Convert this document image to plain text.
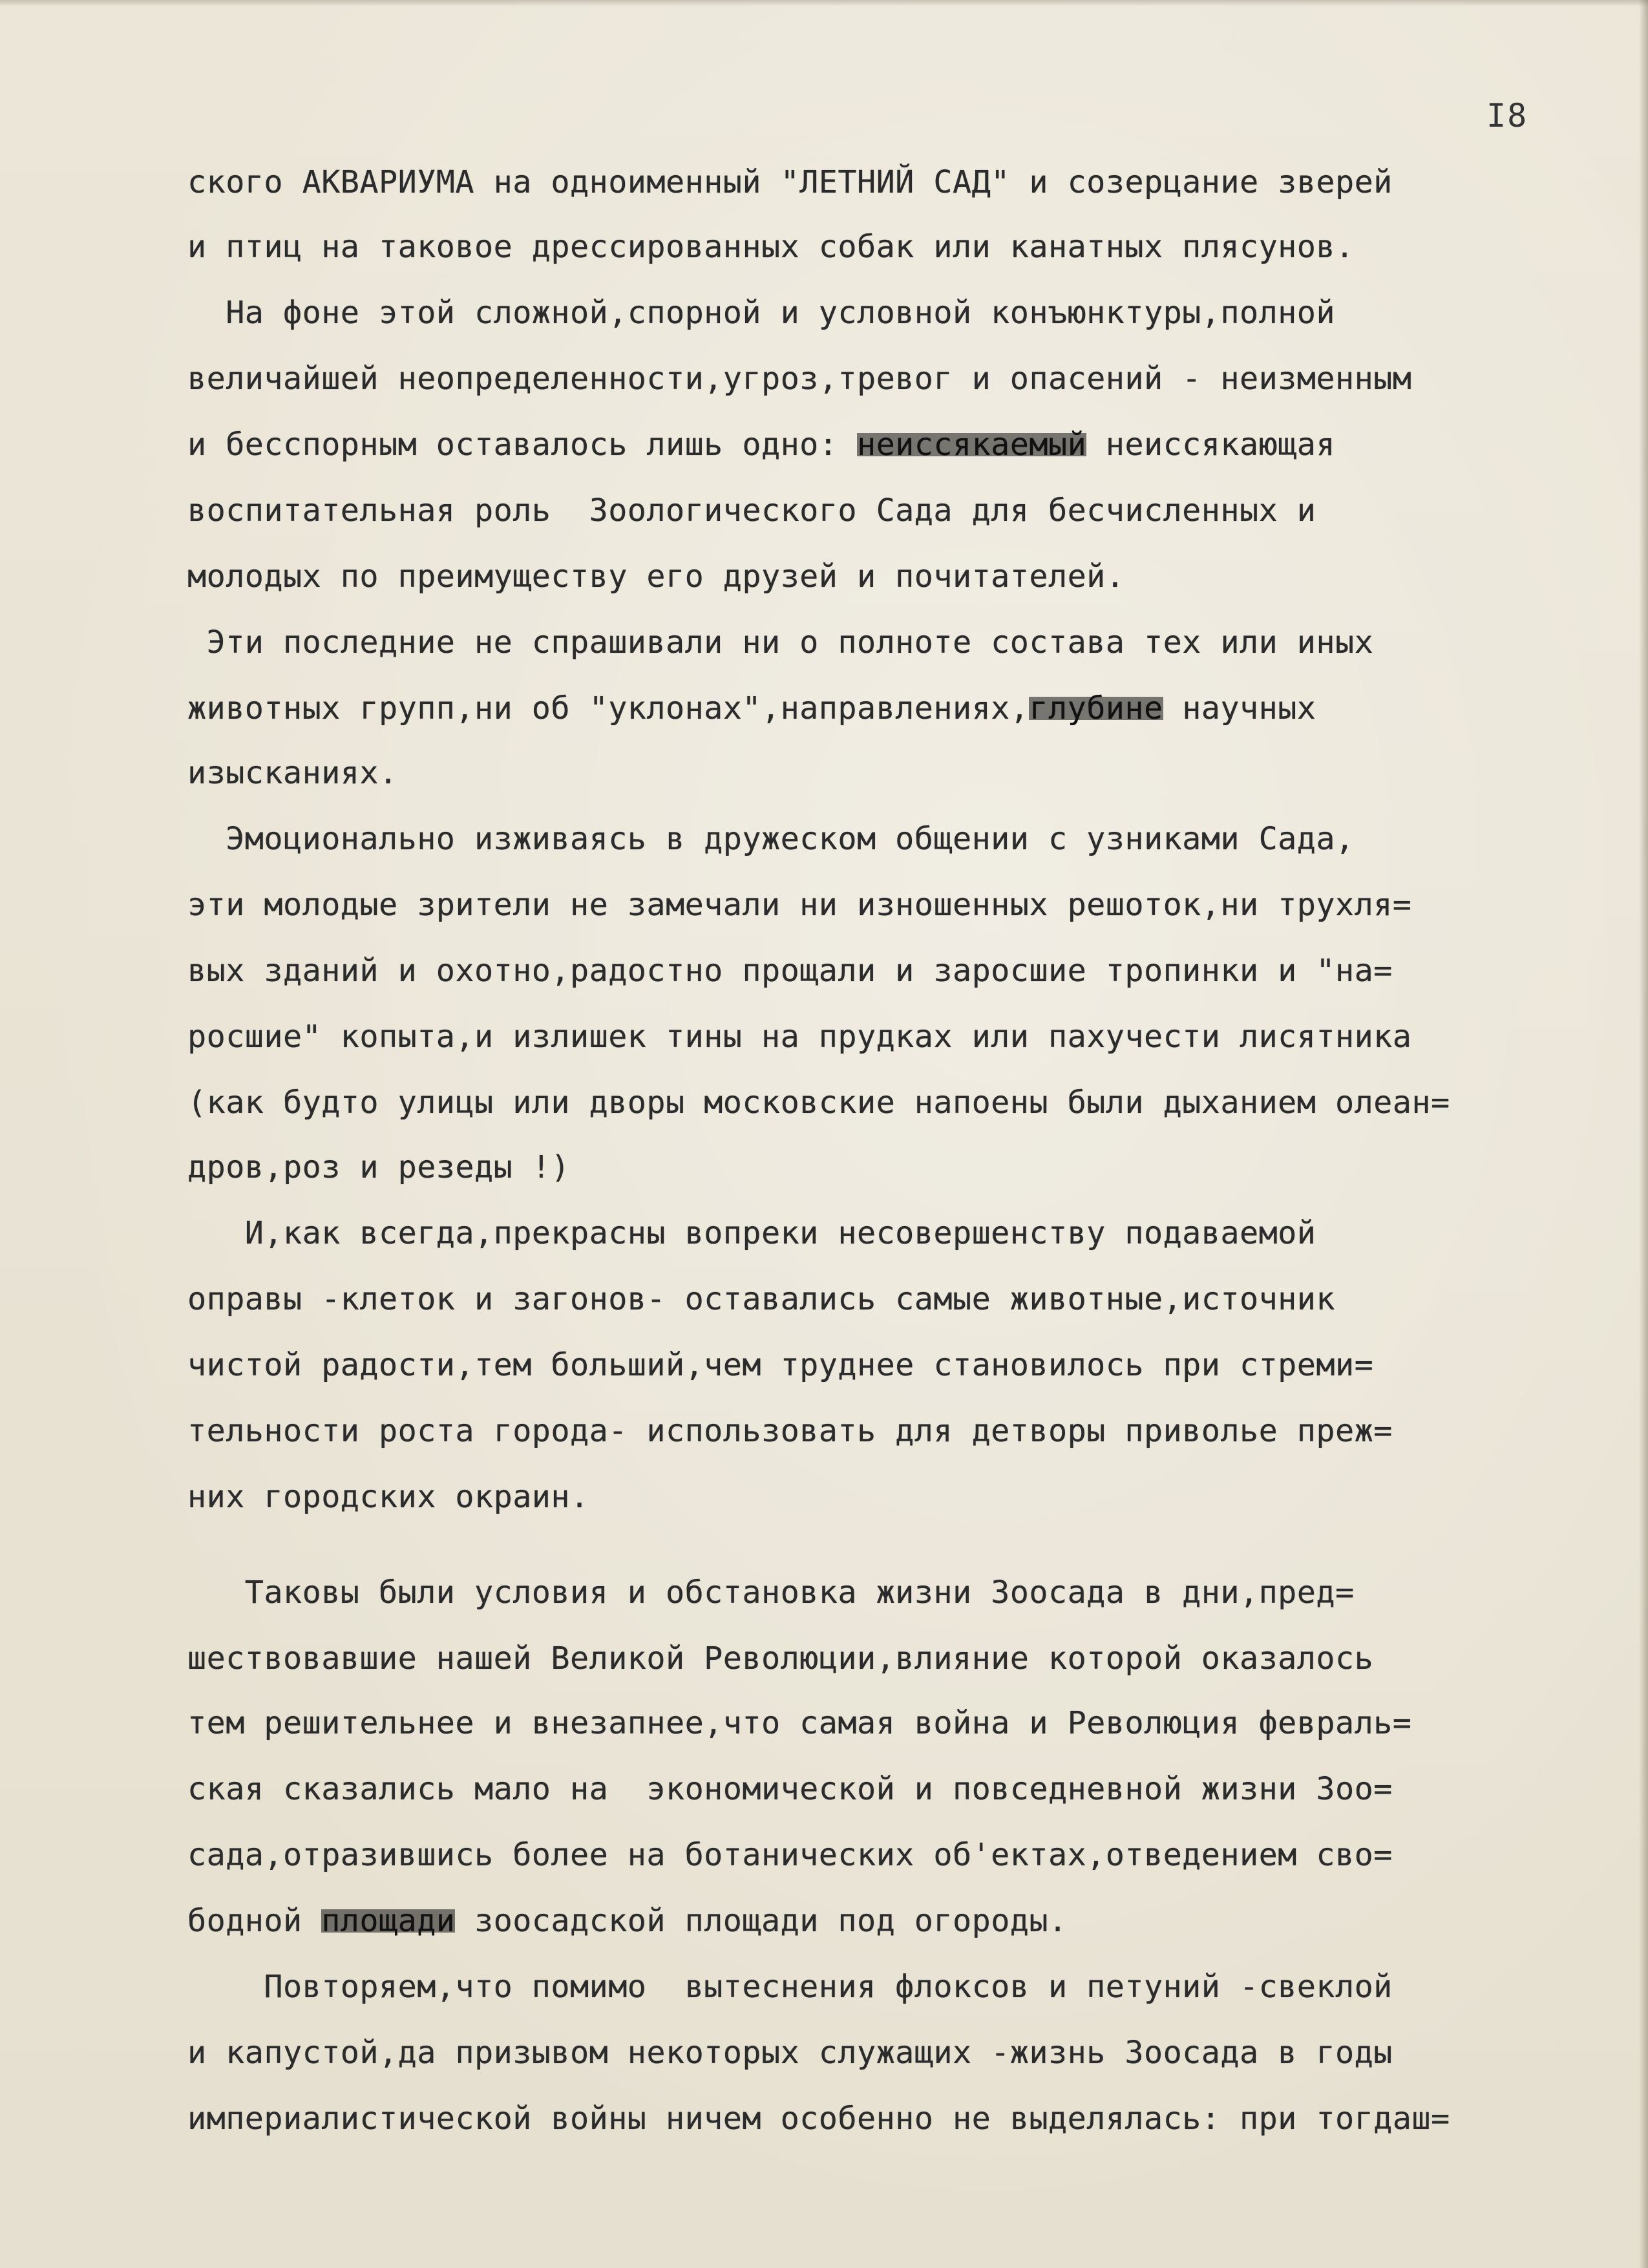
I8
ского АКВАРИУМА на одноименный "ЛЕТНИЙ САД" и созерцание зверей
и птиц на таковое дрессированных собак или канатных плясунов.
На фоне этой сложной,спорной и условной конъюнктуры,полной
величайшей неопределенности,угроз,тревог и опасений - неизменным
и бесспорным оставалось лишь одно: неиссякаемый неиссякающая
воспитательная роль  Зоологического Сада для бесчисленных и
молодых по преимуществу его друзей и почитателей.
Эти последние не спрашивали ни о полноте состава тех или иных
животных групп,ни об "уклонах",направлениях,глубине научных
изысканиях.
Эмоционально изживаясь в дружеском общении с узниками Сада,
эти молодые зрители не замечали ни изношенных решоток,ни трухля=
вых зданий и охотно,радостно прощали и заросшие тропинки и "на=
росшие" копыта,и излишек тины на прудках или пахучести лисятника
(как будто улицы или дворы московские напоены были дыханием олеан=
дров,роз и резеды !)
И,как всегда,прекрасны вопреки несовершенству подаваемой
оправы -клеток и загонов- оставались самые животные,источник
чистой радости,тем больший,чем труднее становилось при стреми=
тельности роста города- использовать для детворы приволье преж=
них городских окраин.
Таковы были условия и обстановка жизни Зоосада в дни,пред=
шествовавшие нашей Великой Революции,влияние которой оказалось
тем решительнее и внезапнее,что самая война и Революция февраль=
ская сказались мало на  экономической и повседневной жизни Зоо=
сада,отразившись более на ботанических об'ектах,отведением сво=
бодной площади зоосадской площади под огороды.
Повторяем,что помимо  вытеснения флоксов и петуний -свеклой
и капустой,да призывом некоторых служащих -жизнь Зоосада в годы
империалистической войны ничем особенно не выделялась: при тогдаш=
